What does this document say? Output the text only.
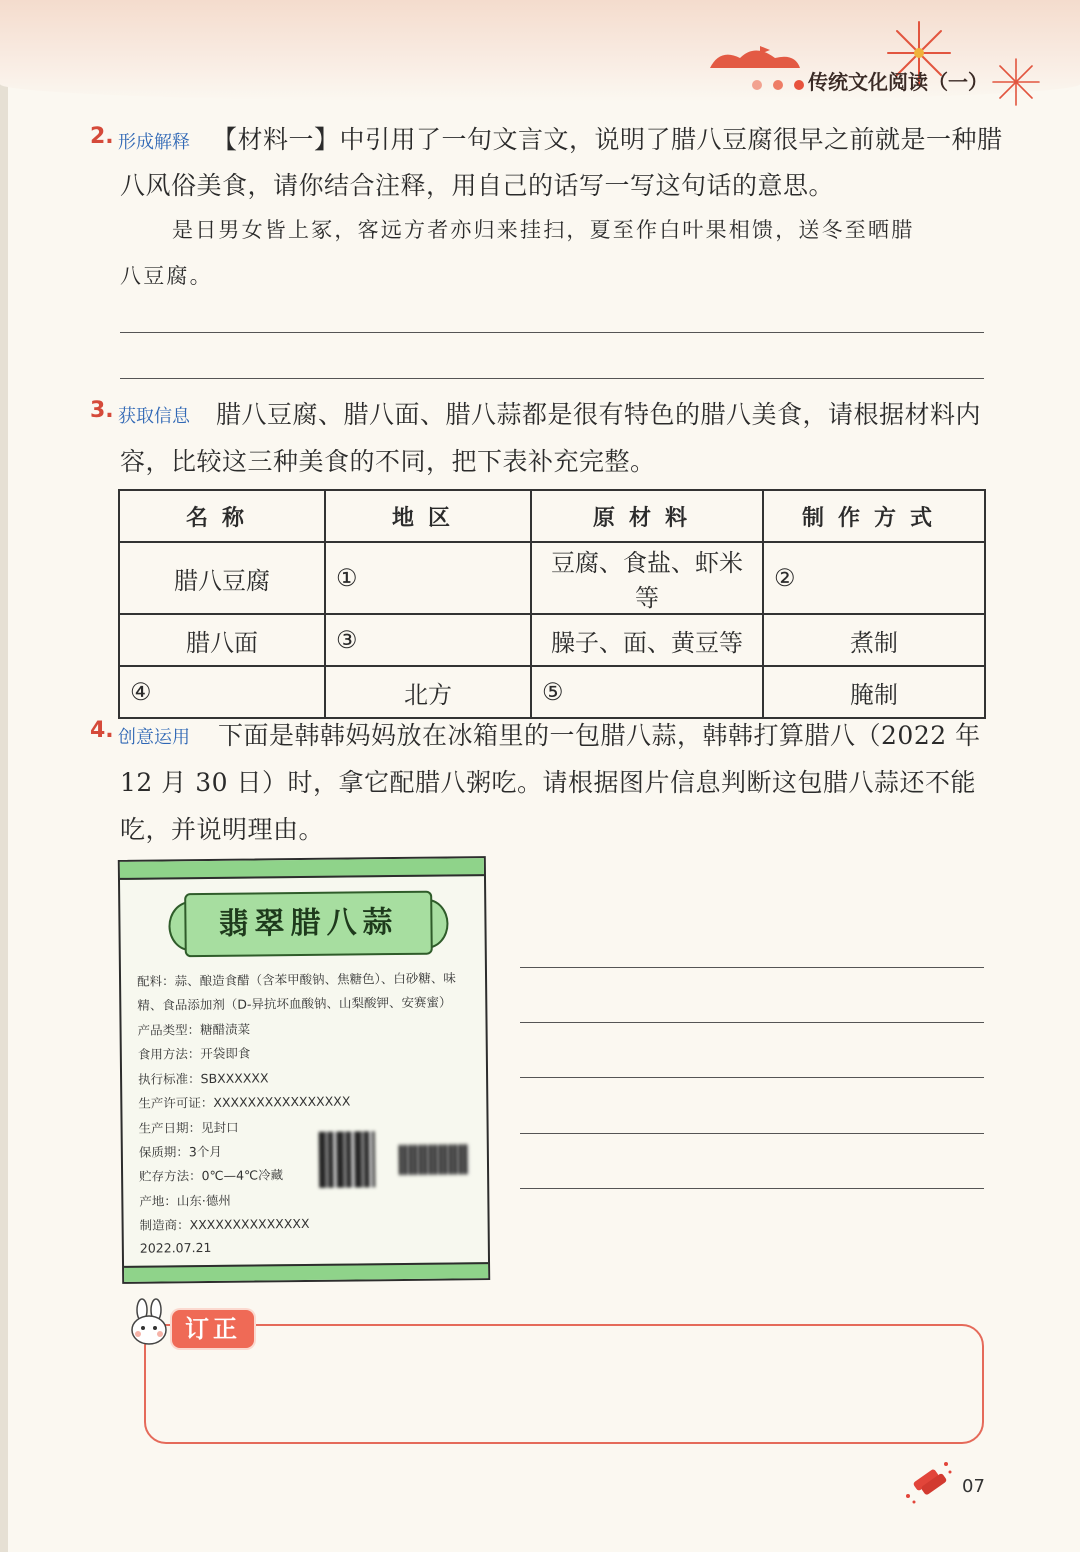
传统文化阅读（一）
2. 形成解释 【材料一】中引用了一句文言文，说明了腊八豆腐很早之前就是一种腊
八风俗美食，请你结合注释，用自己的话写一写这句话的意思。
是日男女皆上冢，客远方者亦归来挂扫，夏至作白叶果相馈，送冬至晒腊
八豆腐。
3. 获取信息 腊八豆腐、腊八面、腊八蒜都是很有特色的腊八美食，请根据材料内
容，比较这三种美食的不同，把下表补充完整。
名称	地区	原材料	制作方式
腊八豆腐	①	豆腐、食盐、虾米等	②
腊八面	③	臊子、面、黄豆等	煮制
④	北方	⑤	腌制
4. 创意运用 下面是韩韩妈妈放在冰箱里的一包腊八蒜，韩韩打算腊八（2022 年
12 月 30 日）时，拿它配腊八粥吃。请根据图片信息判断这包腊八蒜还不能
吃，并说明理由。
翡翠腊八蒜
配料：蒜、酿造食醋（含苯甲酸钠、焦糖色）、白砂糖、味
精、食品添加剂（D-异抗坏血酸钠、山梨酸钾、安赛蜜）
产品类型：糖醋渍菜
食用方法：开袋即食
执行标准：SBXXXXXX
生产许可证：XXXXXXXXXXXXXXXX
生产日期：见封口
保质期：3个月
贮存方法：0℃—4℃冷藏
产地：山东·德州
制造商：XXXXXXXXXXXXXX
2022.07.21
订正
07
